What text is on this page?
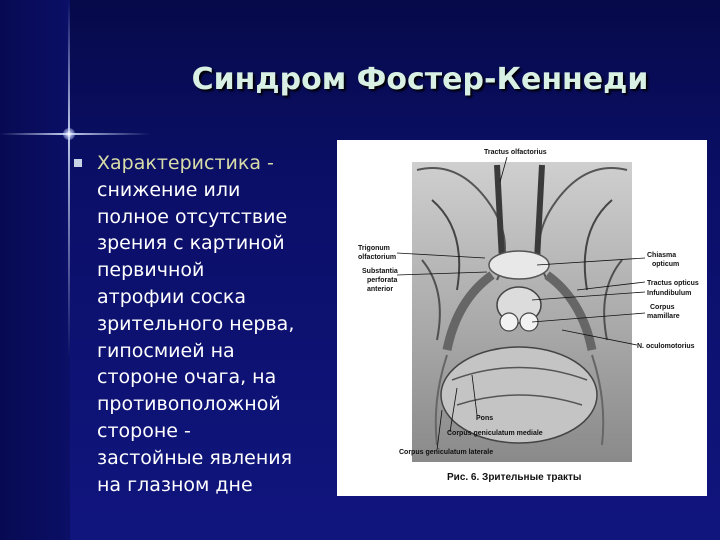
Синдром Фостер-Кеннеди

Характеристика -
снижение или
полное отсутствие
зрения с картиной
первичной
атрофии соска
зрительного нерва,
гипосмией на
стороне очага, на
противоположной
стороне -
застойные явления
на глазном дне

Tractus olfactorius
Trigonum
olfactorium
Substantia
perforata
anterior
Chiasma
opticum
Tractus opticus
Infundibulum
Corpus
mamillare
N. oculomotorius
Pons
Corpus geniculatum mediale
Corpus geniculatum laterale
Рис. 6. Зрительные тракты
